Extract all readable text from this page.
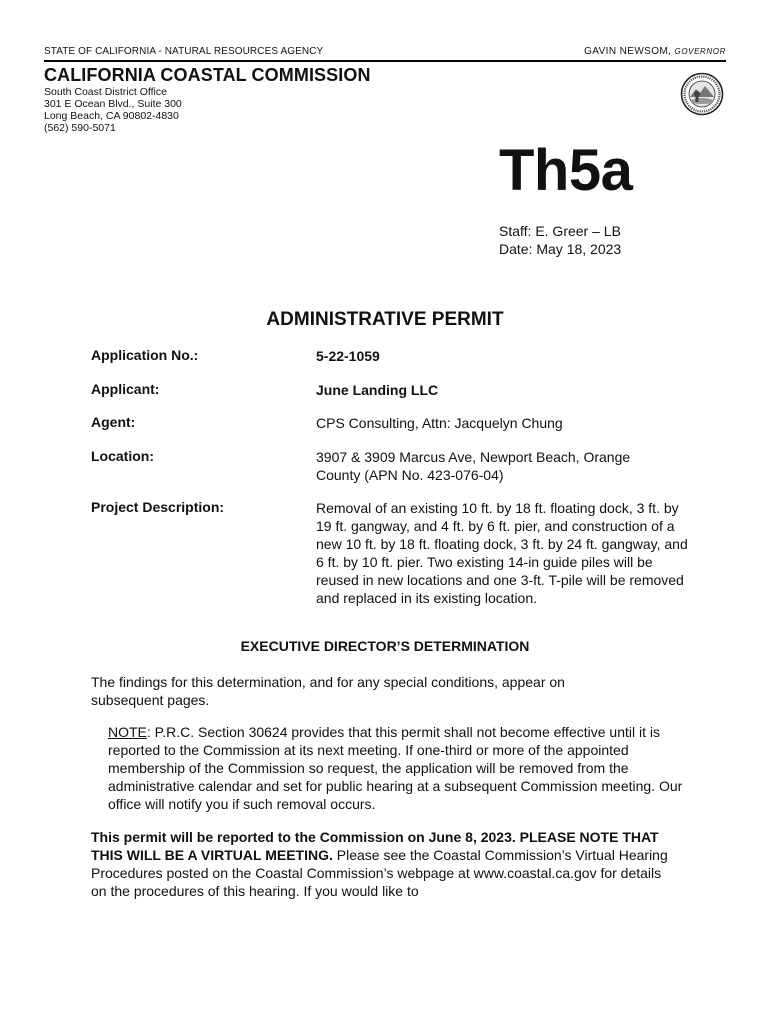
STATE OF CALIFORNIA - NATURAL RESOURCES AGENCY	GAVIN NEWSOM, GOVERNOR
CALIFORNIA COASTAL COMMISSION
South Coast District Office
301 E Ocean Blvd., Suite 300
Long Beach, CA 90802-4830
(562) 590-5071
Th5a
Staff: E. Greer – LB
Date: May 18, 2023
ADMINISTRATIVE PERMIT
Application No.:	5-22-1059
Applicant:	June Landing LLC
Agent:	CPS Consulting, Attn: Jacquelyn Chung
Location:	3907 & 3909 Marcus Ave, Newport Beach, Orange County (APN No. 423-076-04)
Project Description:	Removal of an existing 10 ft. by 18 ft. floating dock, 3 ft. by 19 ft. gangway, and 4 ft. by 6 ft. pier, and construction of a new 10 ft. by 18 ft. floating dock, 3 ft. by 24 ft. gangway, and 6 ft. by 10 ft. pier. Two existing 14-in guide piles will be reused in new locations and one 3-ft. T-pile will be removed and replaced in its existing location.
EXECUTIVE DIRECTOR’S DETERMINATION
The findings for this determination, and for any special conditions, appear on subsequent pages.
NOTE: P.R.C. Section 30624 provides that this permit shall not become effective until it is reported to the Commission at its next meeting. If one-third or more of the appointed membership of the Commission so request, the application will be removed from the administrative calendar and set for public hearing at a subsequent Commission meeting. Our office will notify you if such removal occurs.
This permit will be reported to the Commission on June 8, 2023. PLEASE NOTE THAT THIS WILL BE A VIRTUAL MEETING. Please see the Coastal Commission’s Virtual Hearing Procedures posted on the Coastal Commission’s webpage at www.coastal.ca.gov for details on the procedures of this hearing. If you would like to
